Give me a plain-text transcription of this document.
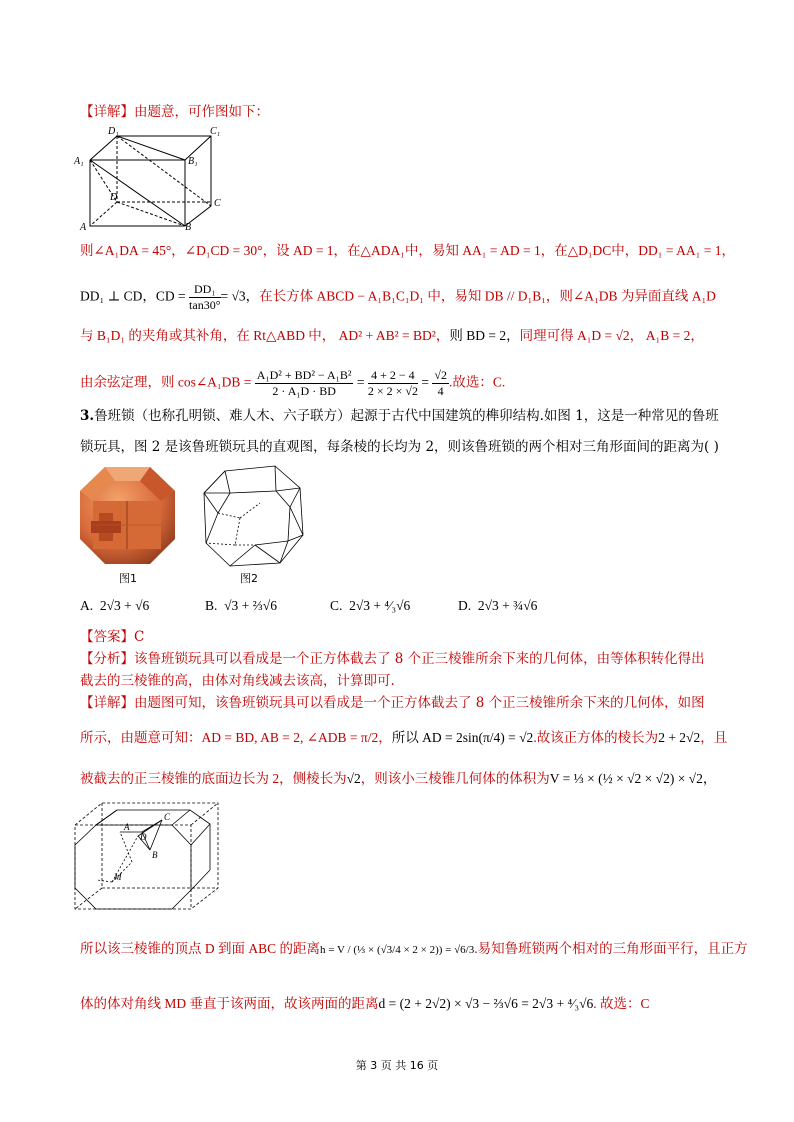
【详解】由题意，可作图如下：
D₁	C₁
A₁	B₁
D
C
A	B
则∠A₁DA = 45°，∠D₁CD = 30°，设 AD = 1，在△ADA₁中，易知 AA₁ = AD = 1，在△D₁DC中，DD₁ = AA₁ = 1，
DD₁ ⊥ CD，CD = $\frac{\text{DD₁}}{\tan 30^\circ} = √3$，在长方体 ABCD − A₁B₁C₁D₁ 中，易知 DB // D₁B₁，则∠A₁DB 为异面直线 A₁D
与 B₁D₁ 的夹角或其补角，在 Rt△ABD 中， AD² + AB² = BD²，则 BD = 2，同理可得 A₁D = √2， A₁B = 2，
由余弦定理，则 cos∠A₁DB = $\frac{\text{A₁D² + BD² − A₁B²}}{\text{2 · A₁D · BD}} = \frac{4 + 2 - 4}{2 \times 2 \times √2} = \frac{√2}{4}$ .故选：C.
3.鲁班锁（也称孔明锁、难人木、六子联方）起源于古代中国建筑的榫卯结构.如图 1，这是一种常见的鲁班
锁玩具，图 2 是该鲁班锁玩具的直观图，每条棱的长均为 2，则该鲁班锁的两个相对三角形面间的距离为( )
图1	图2
A. 2√3 + √6	B. √3 + ⅔√6	C. 2√3 + ⁴⁄₃√6	D. 2√3 + ¾√6
【答案】C
【分析】该鲁班锁玩具可以看成是一个正方体截去了 8 个正三棱锥所余下来的几何体，由等体积转化得出
截去的三棱锥的高，由体对角线减去该高，计算即可.
【详解】由题图可知，该鲁班锁玩具可以看成是一个正方体截去了 8 个正三棱锥所余下来的几何体，如图
所示，由题意可知：AD = BD, AB = 2, ∠ADB = π/2，所以 AD = 2sin(π/4) = √2.故该正方体的棱长为2 + 2√2，且
被截去的正三棱锥的底面边长为 2，侧棱长为√2，则该小三棱锥几何体的体积为V = ⅓ × (½ × √2 × √2) × √2，
C
A
D
B
M
所以该三棱锥的顶点 D 到面 ABC 的距离h = V / (⅓ × (√3/4 × 2 × 2)) = √6/3.易知鲁班锁两个相对的三角形面平行，且正方
体的体对角线 MD 垂直于该两面，故该两面的距离d = (2 + 2√2) × √3 − ⅔√6 = 2√3 + ⁴⁄₃√6. 故选：C
第 3 页 共 16 页
